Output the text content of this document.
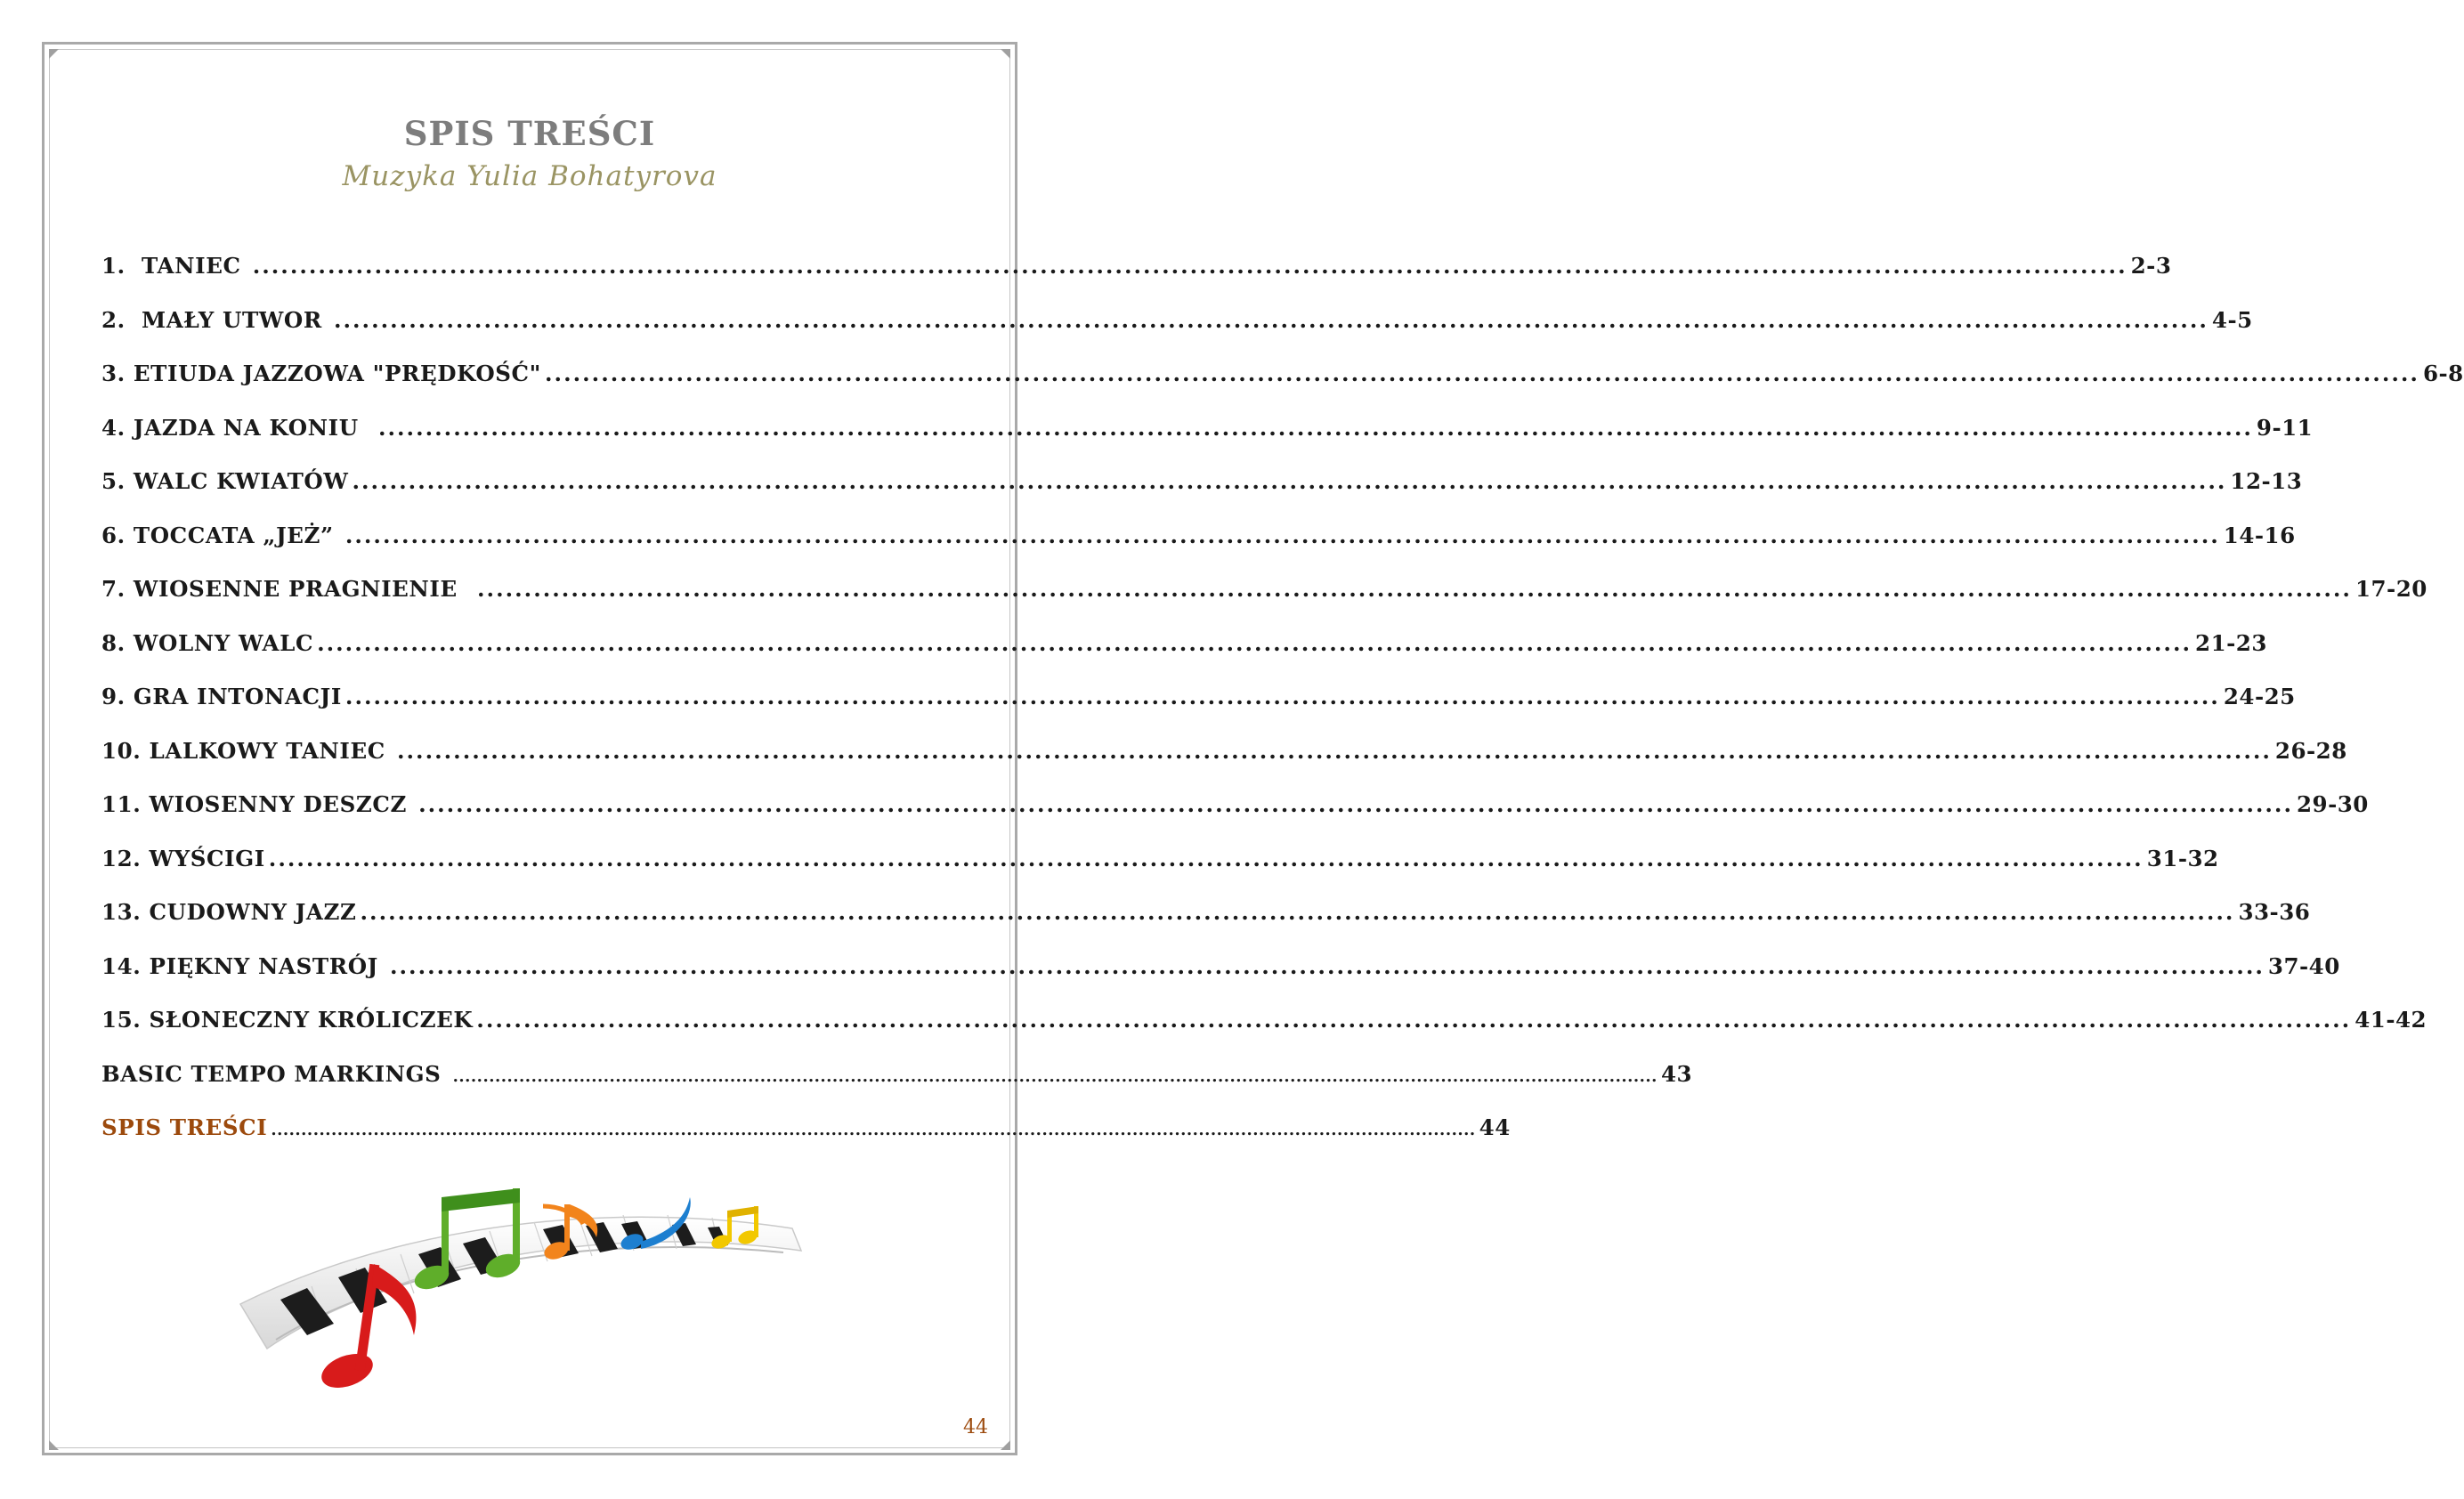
SPIS TREŚCI
Muzyka Yulia Bohatyrova
1.  TANIEC ........................................................................................................................................................................................................ 2-3
2.  MAŁY UTWOR ........................................................................................................................................................................................................ 4-5
3. ETIUDA JAZZOWA "PRĘDKOŚĆ" ........................................................................................................................................................................................................ 6-8
4. JAZDA NA KONIU ........................................................................................................................................................................................................ 9-11
5. WALC KWIATÓW ........................................................................................................................................................................................................ 12-13
6. TOCCATA „JEŻ” ........................................................................................................................................................................................................ 14-16
7. WIOSENNE PRAGNIENIE ........................................................................................................................................................................................................ 17-20
8. WOLNY WALC ........................................................................................................................................................................................................ 21-23
9. GRA INTONACJI ........................................................................................................................................................................................................ 24-25
10. LALKOWY TANIEC ........................................................................................................................................................................................................ 26-28
11. WIOSENNY DESZCZ ........................................................................................................................................................................................................ 29-30
12. WYŚCIGI ........................................................................................................................................................................................................ 31-32
13. CUDOWNY JAZZ ........................................................................................................................................................................................................ 33-36
14. PIĘKNY NASTRÓJ ........................................................................................................................................................................................................ 37-40
15. SŁONECZNY KRÓLICZEK ........................................................................................................................................................................................................ 41-42
BASIC TEMPO MARKINGS ........................................................................................................................................................................................................ 43
SPIS TREŚCI ........................................................................................................................................................................................................ 44
44
